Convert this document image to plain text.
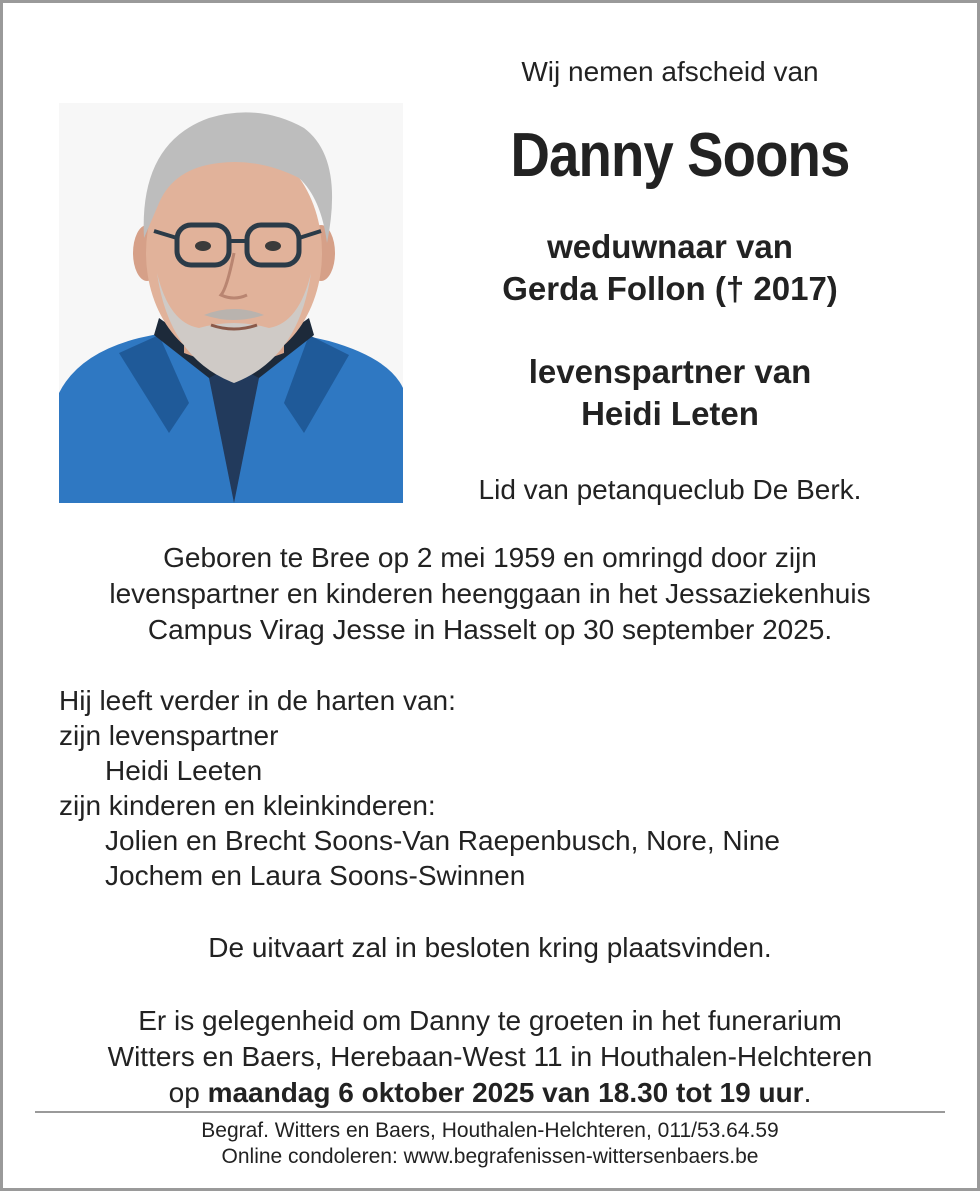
Wij nemen afscheid van
Danny Soons
weduwnaar van
Gerda Follon († 2017)
levenspartner van
Heidi Leten
Lid van petanqueclub De Berk.
Geboren te Bree op 2 mei 1959 en omringd door zijn
levenspartner en kinderen heenggaan in het Jessaziekenhuis
Campus Virag Jesse in Hasselt op 30 september 2025.
Hij leeft verder in de harten van:
zijn levenspartner
Heidi Leeten
zijn kinderen en kleinkinderen:
Jolien en Brecht Soons-Van Raepenbusch, Nore, Nine
Jochem en Laura Soons-Swinnen
De uitvaart zal in besloten kring plaatsvinden.
Er is gelegenheid om Danny te groeten in het funerarium
Witters en Baers, Herebaan-West 11 in Houthalen-Helchteren
op maandag 6 oktober 2025 van 18.30 tot 19 uur.
Begraf. Witters en Baers, Houthalen-Helchteren, 011/53.64.59
Online condoleren: www.begrafenissen-wittersenbaers.be
